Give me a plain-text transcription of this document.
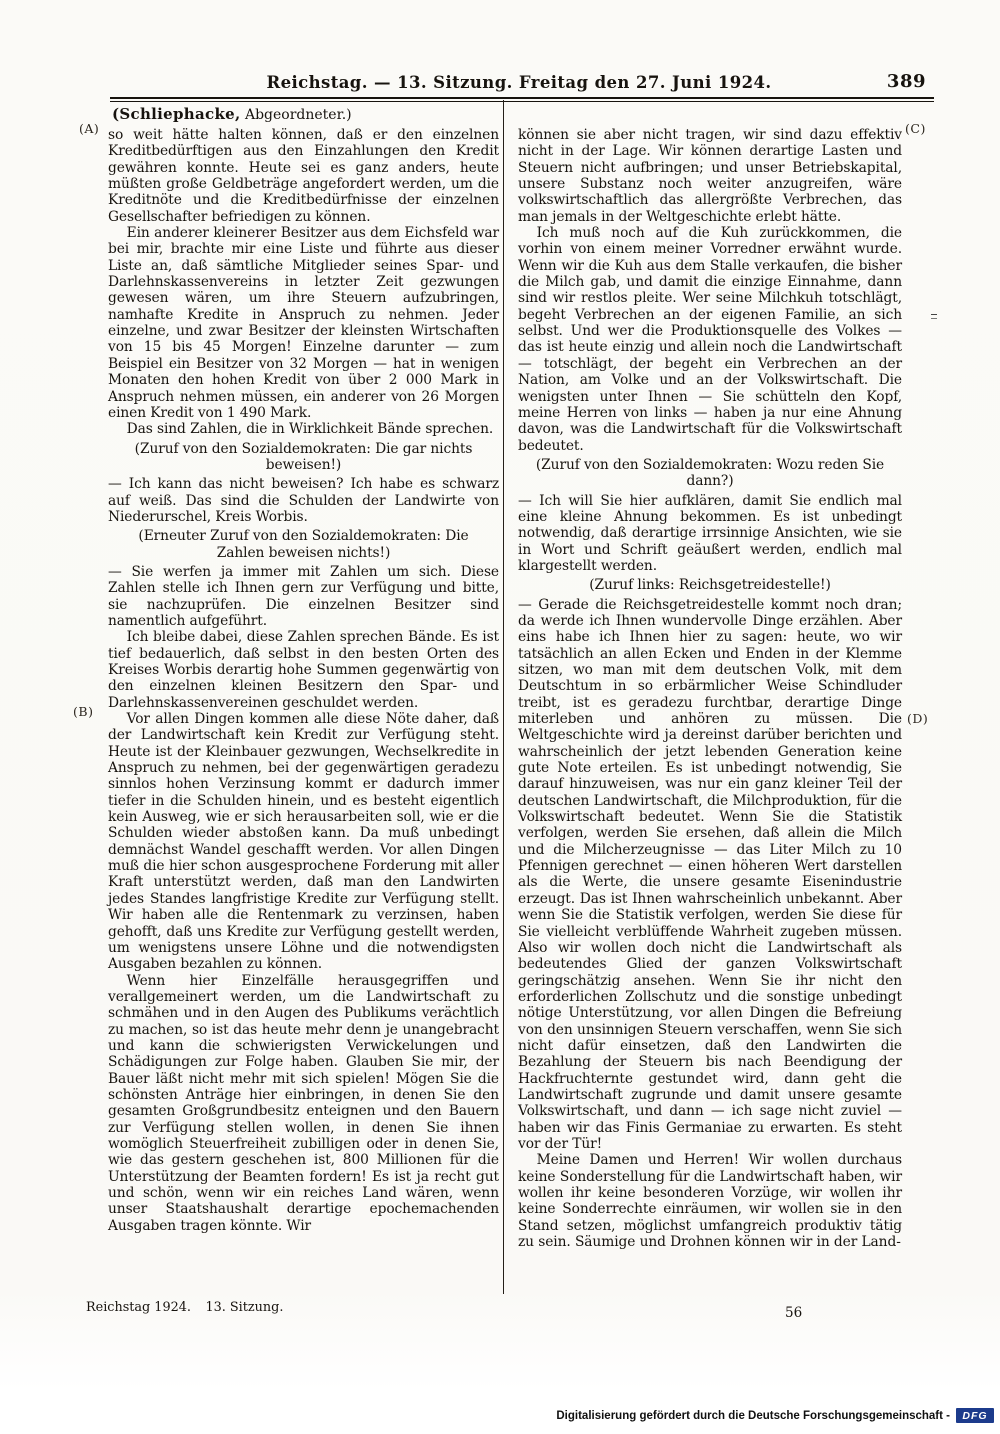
Reichstag. — 13. Sitzung. Freitag den 27. Juni 1924.	389
(Schliephacke, Abgeordneter.)
(A)
(B)
(C)
(D)

so weit hätte halten können, daß er den einzelnen Kreditbedürftigen aus den Einzahlungen den Kredit gewähren konnte. Heute sei es ganz anders, heute müßten große Geldbeträge angefordert werden, um die Kreditnöte und die Kreditbedürfnisse der einzelnen Gesellschafter befriedigen zu können.

Ein anderer kleinerer Besitzer aus dem Eichsfeld war bei mir, brachte mir eine Liste und führte aus dieser Liste an, daß sämtliche Mitglieder seines Spar- und Darlehnskassenvereins in letzter Zeit gezwungen gewesen wären, um ihre Steuern aufzubringen, namhafte Kredite in Anspruch zu nehmen. Jeder einzelne, und zwar Besitzer der kleinsten Wirtschaften von 15 bis 45 Morgen! Einzelne darunter — zum Beispiel ein Besitzer von 32 Morgen — hat in wenigen Monaten den hohen Kredit von über 2 000 Mark in Anspruch nehmen müssen, ein anderer von 26 Morgen einen Kredit von 1 490 Mark.

Das sind Zahlen, die in Wirklichkeit Bände sprechen.

(Zuruf von den Sozialdemokraten: Die gar nichts beweisen!)

— Ich kann das nicht beweisen? Ich habe es schwarz auf weiß. Das sind die Schulden der Landwirte von Niederurschel, Kreis Worbis.

(Erneuter Zuruf von den Sozialdemokraten: Die Zahlen beweisen nichts!)

— Sie werfen ja immer mit Zahlen um sich. Diese Zahlen stelle ich Ihnen gern zur Verfügung und bitte, sie nachzuprüfen. Die einzelnen Besitzer sind namentlich aufgeführt.

Ich bleibe dabei, diese Zahlen sprechen Bände. Es ist tief bedauerlich, daß selbst in den besten Orten des Kreises Worbis derartig hohe Summen gegenwärtig von den einzelnen kleinen Besitzern den Spar- und Darlehnskassenvereinen geschuldet werden.

Vor allen Dingen kommen alle diese Nöte daher, daß der Landwirtschaft kein Kredit zur Verfügung steht. Heute ist der Kleinbauer gezwungen, Wechselkredite in Anspruch zu nehmen, bei der gegenwärtigen geradezu sinnlos hohen Verzinsung kommt er dadurch immer tiefer in die Schulden hinein, und es besteht eigentlich kein Ausweg, wie er sich herausarbeiten soll, wie er die Schulden wieder abstoßen kann. Da muß unbedingt demnächst Wandel geschafft werden. Vor allen Dingen muß die hier schon ausgesprochene Forderung mit aller Kraft unterstützt werden, daß man den Landwirten jedes Standes langfristige Kredite zur Verfügung stellt. Wir haben alle die Rentenmark zu verzinsen, haben gehofft, daß uns Kredite zur Verfügung gestellt werden, um wenigstens unsere Löhne und die notwendigsten Ausgaben bezahlen zu können.

Wenn hier Einzelfälle herausgegriffen und verallgemeinert werden, um die Landwirtschaft zu schmähen und in den Augen des Publikums verächtlich zu machen, so ist das heute mehr denn je unangebracht und kann die schwierigsten Verwickelungen und Schädigungen zur Folge haben. Glauben Sie mir, der Bauer läßt nicht mehr mit sich spielen! Mögen Sie die schönsten Anträge hier einbringen, in denen Sie den gesamten Großgrundbesitz enteignen und den Bauern zur Verfügung stellen wollen, in denen Sie ihnen womöglich Steuerfreiheit zubilligen oder in denen Sie, wie das gestern geschehen ist, 800 Millionen für die Unterstützung der Beamten fordern! Es ist ja recht gut und schön, wenn wir ein reiches Land wären, wenn unser Staatshaushalt derartige epochemachenden Ausgaben tragen könnte. Wir

können sie aber nicht tragen, wir sind dazu effektiv nicht in der Lage. Wir können derartige Lasten und Steuern nicht aufbringen; und unser Betriebskapital, unsere Substanz noch weiter anzugreifen, wäre volkswirtschaftlich das allergrößte Verbrechen, das man jemals in der Weltgeschichte erlebt hätte.

Ich muß noch auf die Kuh zurückkommen, die vorhin von einem meiner Vorredner erwähnt wurde. Wenn wir die Kuh aus dem Stalle verkaufen, die bisher die Milch gab, und damit die einzige Einnahme, dann sind wir restlos pleite. Wer seine Milchkuh totschlägt, begeht Verbrechen an der eigenen Familie, an sich selbst. Und wer die Produktionsquelle des Volkes — das ist heute einzig und allein noch die Landwirtschaft — totschlägt, der begeht ein Verbrechen an der Nation, am Volke und an der Volkswirtschaft. Die wenigsten unter Ihnen — Sie schütteln den Kopf, meine Herren von links — haben ja nur eine Ahnung davon, was die Landwirtschaft für die Volkswirtschaft bedeutet.

(Zuruf von den Sozialdemokraten: Wozu reden Sie dann?)

— Ich will Sie hier aufklären, damit Sie endlich mal eine kleine Ahnung bekommen. Es ist unbedingt notwendig, daß derartige irrsinnige Ansichten, wie sie in Wort und Schrift geäußert werden, endlich mal klargestellt werden.

(Zuruf links: Reichsgetreidestelle!)

— Gerade die Reichsgetreidestelle kommt noch dran; da werde ich Ihnen wundervolle Dinge erzählen. Aber eins habe ich Ihnen hier zu sagen: heute, wo wir tatsächlich an allen Ecken und Enden in der Klemme sitzen, wo man mit dem deutschen Volk, mit dem Deutschtum in so erbärmlicher Weise Schindluder treibt, ist es geradezu furchtbar, derartige Dinge miterleben und anhören zu müssen. Die Weltgeschichte wird ja dereinst darüber berichten und wahrscheinlich der jetzt lebenden Generation keine gute Note erteilen. Es ist unbedingt notwendig, Sie darauf hinzuweisen, was nur ein ganz kleiner Teil der deutschen Landwirtschaft, die Milchproduktion, für die Volkswirtschaft bedeutet. Wenn Sie die Statistik verfolgen, werden Sie ersehen, daß allein die Milch und die Milcherzeugnisse — das Liter Milch zu 10 Pfennigen gerechnet — einen höheren Wert darstellen als die Werte, die unsere gesamte Eisenindustrie erzeugt. Das ist Ihnen wahrscheinlich unbekannt. Aber wenn Sie die Statistik verfolgen, werden Sie diese für Sie vielleicht verblüffende Wahrheit zugeben müssen. Also wir wollen doch nicht die Landwirtschaft als bedeutendes Glied der ganzen Volkswirtschaft geringschätzig ansehen. Wenn Sie ihr nicht den erforderlichen Zollschutz und die sonstige unbedingt nötige Unterstützung, vor allen Dingen die Befreiung von den unsinnigen Steuern verschaffen, wenn Sie sich nicht dafür einsetzen, daß den Landwirten die Bezahlung der Steuern bis nach Beendigung der Hackfruchternte gestundet wird, dann geht die Landwirtschaft zugrunde und damit unsere gesamte Volkswirtschaft, und dann — ich sage nicht zuviel — haben wir das Finis Germaniae zu erwarten. Es steht vor der Tür!

Meine Damen und Herren! Wir wollen durchaus keine Sonderstellung für die Landwirtschaft haben, wir wollen ihr keine besonderen Vorzüge, wir wollen ihr keine Sonderrechte einräumen, wir wollen sie in den Stand setzen, möglichst umfangreich produktiv tätig zu sein. Säumige und Drohnen können wir in der Land-

Reichstag 1924.   13. Sitzung.	56
Digitalisierung gefördert durch die Deutsche Forschungsgemeinschaft -	DFG
